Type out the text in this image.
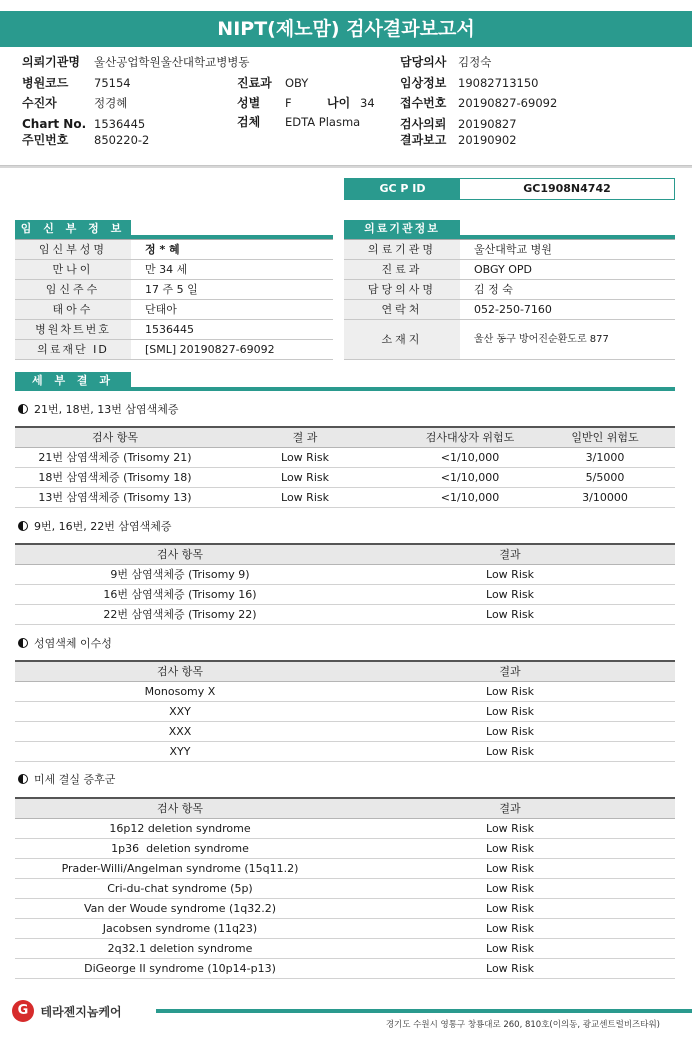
NIPT(제노맘) 검사결과보고서
의뢰기관명 울산공업학원울산대학교병병동	담당의사 김정숙
병원코드 75154	진료과 OBY	임상정보 19082713150
수진자	정경혜	성별 F	나이 34 접수번호 20190827-69092
Chart No. 1536445	검체 EDTA Plasma	검사의뢰 20190827
주민번호 850220-2	결과보고 20190902
GC P ID	GC1908N4742
임 신 부 정 보
임신부성명	정 * 혜
만나이	만 34 세
임신주수	17 주 5 일
태아수	단태아
병원차트번호	1536445
의료재단 ID	[SML] 20190827-69092
의료기관정보
의료기관명	울산대학교 병원
진료과	OBGY OPD
담당의사명	김 정 숙
연락처	052-250-7160
소재지	울산 동구 방어진순환도로 877
세 부 결 과
21번, 18번, 13번 삼염색체증
검사 항목	결 과	검사대상자 위험도	일반인 위험도
21번 삼염색체증 (Trisomy 21)	Low Risk	<1/10,000	3/1000
18번 삼염색체증 (Trisomy 18)	Low Risk	<1/10,000	5/5000
13번 삼염색체증 (Trisomy 13)	Low Risk	<1/10,000	3/10000
9번, 16번, 22번 삼염색체증
검사 항목	결과
9번 삼염색체증 (Trisomy 9)	Low Risk
16번 삼염색체증 (Trisomy 16)	Low Risk
22번 삼염색체증 (Trisomy 22)	Low Risk
성염색체 이수성
검사 항목	결과
Monosomy X	Low Risk
XXY	Low Risk
XXX	Low Risk
XYY	Low Risk
미세 결실 증후군
검사 항목	결과
16p12 deletion syndrome	Low Risk
1p36  deletion syndrome	Low Risk
Prader-Willi/Angelman syndrome (15q11.2)	Low Risk
Cri-du-chat syndrome (5p)	Low Risk
Van der Woude syndrome (1q32.2)	Low Risk
Jacobsen syndrome (11q23)	Low Risk
2q32.1 deletion syndrome	Low Risk
DiGeorge II syndrome (10p14-p13)	Low Risk
G 테라젠지놈케어
경기도 수원시 영통구 창룡대로 260, 810호(이의동, 광교센트럴비즈타워)
